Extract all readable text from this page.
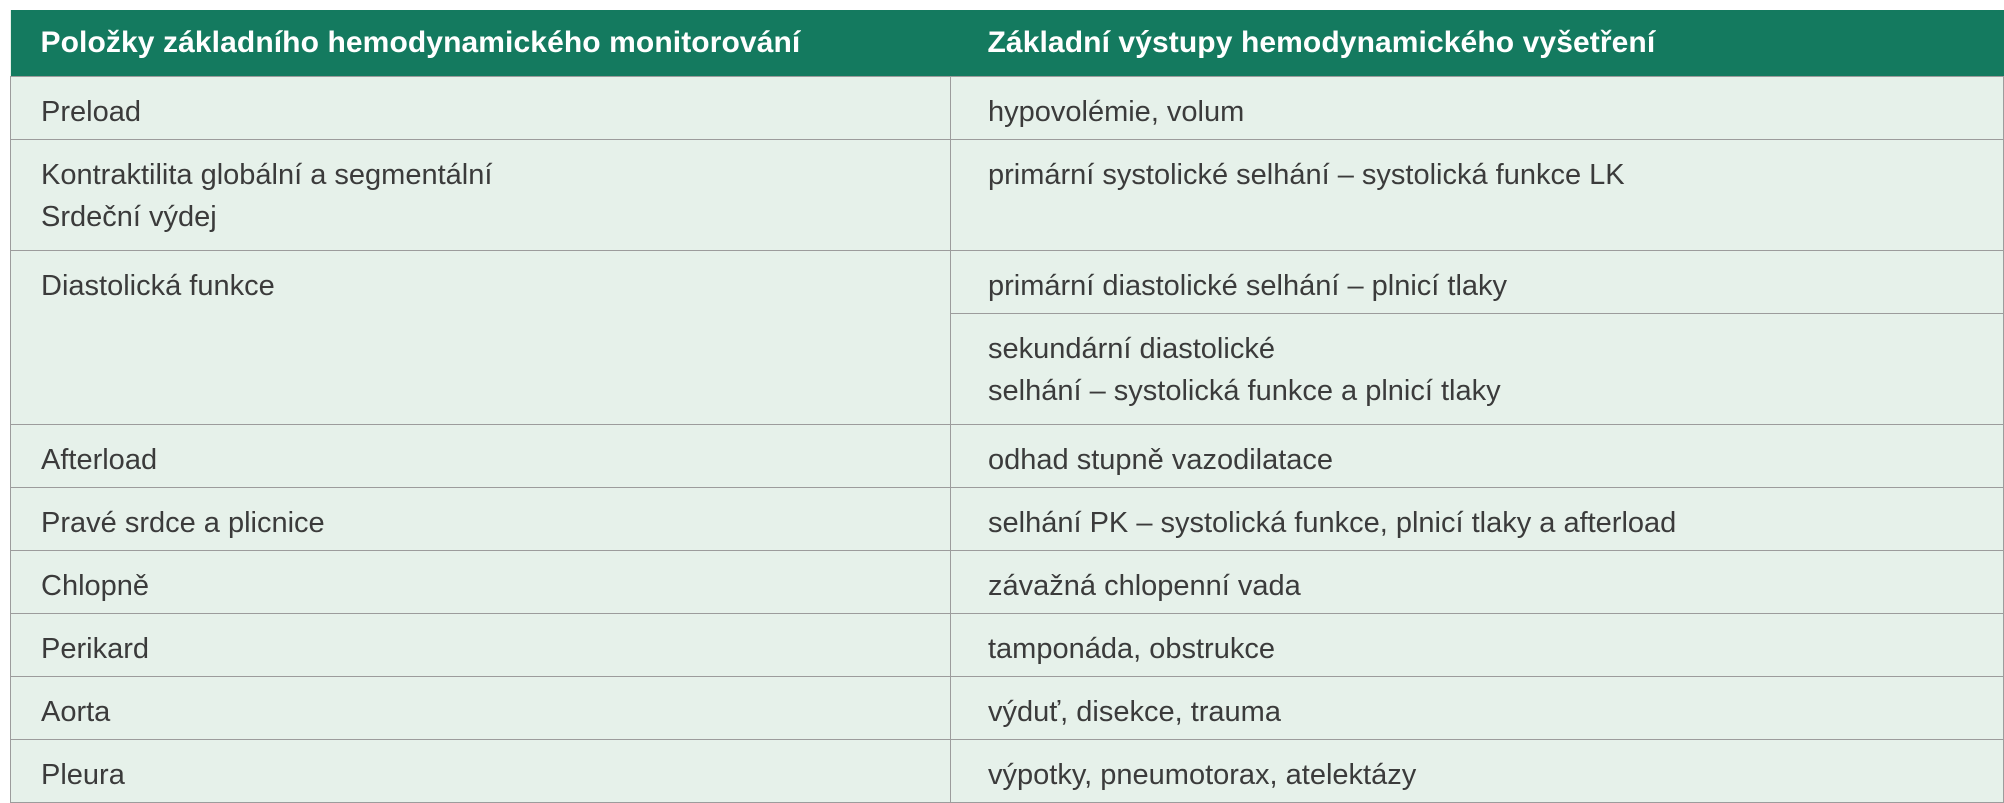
Položky základního hemodynamického monitorování	Základní výstupy hemodynamického vyšetření

Preload	hypovolémie, volum

Kontraktilita globální a segmentální
Srdeční výdej	primární systolické selhání – systolická funkce LK

Diastolická funkce	primární diastolické selhání – plnicí tlaky

	sekundární diastolické
selhání – systolická funkce a plnicí tlaky

Afterload	odhad stupně vazodilatace

Pravé srdce a plicnice	selhání PK – systolická funkce, plnicí tlaky a afterload

Chlopně	závažná chlopenní vada

Perikard	tamponáda, obstrukce

Aorta	výduť, disekce, trauma

Pleura	výpotky, pneumotorax, atelektázy
